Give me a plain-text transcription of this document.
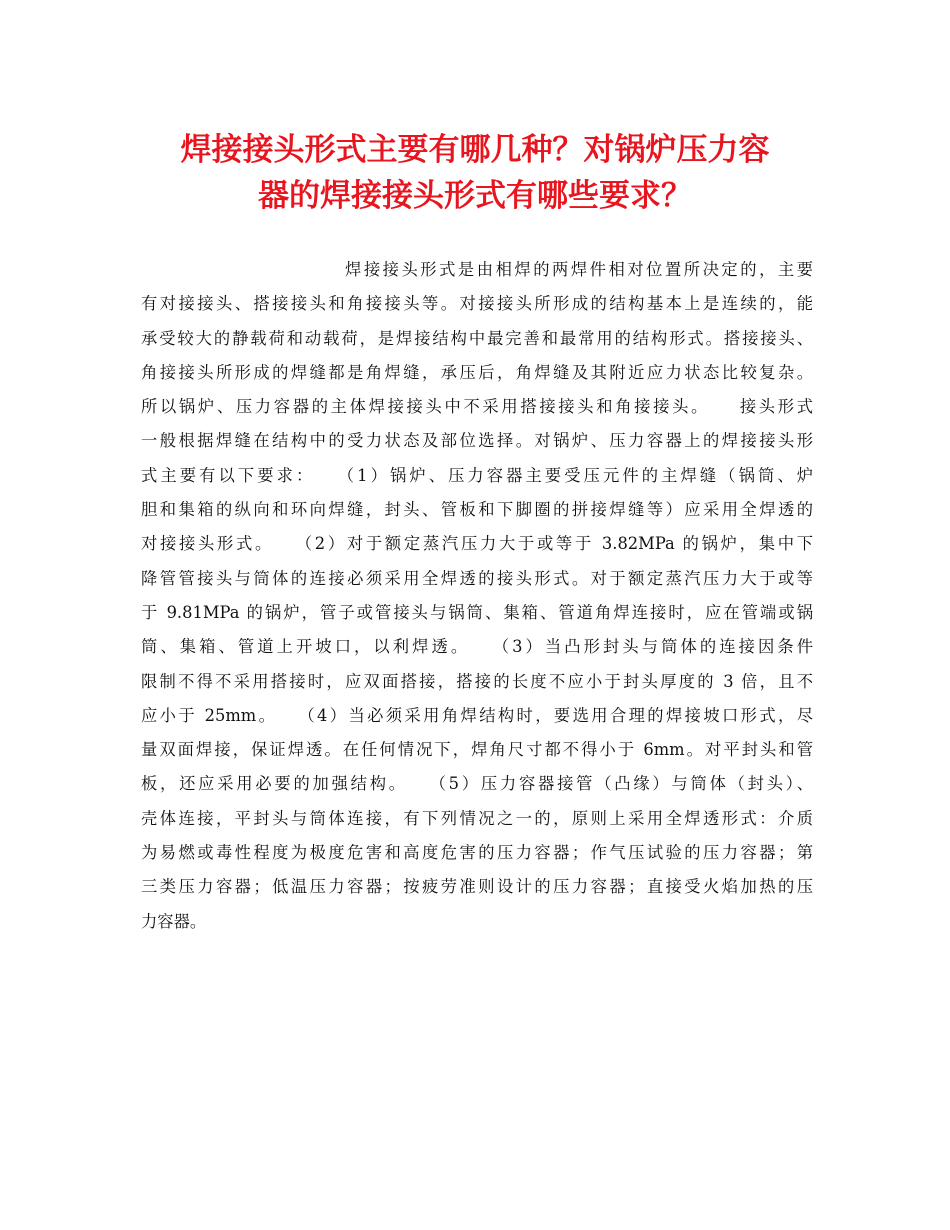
焊接接头形式主要有哪几种？对锅炉压力容
器的焊接接头形式有哪些要求？
焊接接头形式是由相焊的两焊件相对位置所决定的，主要
有对接接头、搭接接头和角接接头等。对接接头所形成的结构基本上是连续的，能
承受较大的静载荷和动载荷，是焊接结构中最完善和最常用的结构形式。搭接接头、
角接接头所形成的焊缝都是角焊缝，承压后，角焊缝及其附近应力状态比较复杂。
所以锅炉、压力容器的主体焊接接头中不采用搭接接头和角接接头。　　接头形式
一般根据焊缝在结构中的受力状态及部位选择。对锅炉、压力容器上的焊接接头形
式主要有以下要求：　　（1）锅炉、压力容器主要受压元件的主焊缝（锅筒、炉
胆和集箱的纵向和环向焊缝，封头、管板和下脚圈的拼接焊缝等）应采用全焊透的
对接接头形式。　　（2）对于额定蒸汽压力大于或等于 3.82MPa 的锅炉，集中下
降管管接头与筒体的连接必须采用全焊透的接头形式。对于额定蒸汽压力大于或等
于 9.81MPa 的锅炉，管子或管接头与锅筒、集箱、管道角焊连接时，应在管端或锅
筒、集箱、管道上开坡口，以利焊透。　　（3）当凸形封头与筒体的连接因条件
限制不得不采用搭接时，应双面搭接，搭接的长度不应小于封头厚度的 3 倍，且不
应小于 25mm。　　（4）当必须采用角焊结构时，要选用合理的焊接坡口形式，尽
量双面焊接，保证焊透。在任何情况下，焊角尺寸都不得小于 6mm。对平封头和管
板，还应采用必要的加强结构。　　（5）压力容器接管（凸缘）与筒体（封头）、
壳体连接，平封头与筒体连接，有下列情况之一的，原则上采用全焊透形式：介质
为易燃或毒性程度为极度危害和高度危害的压力容器；作气压试验的压力容器；第
三类压力容器；低温压力容器；按疲劳准则设计的压力容器；直接受火焰加热的压
力容器。
